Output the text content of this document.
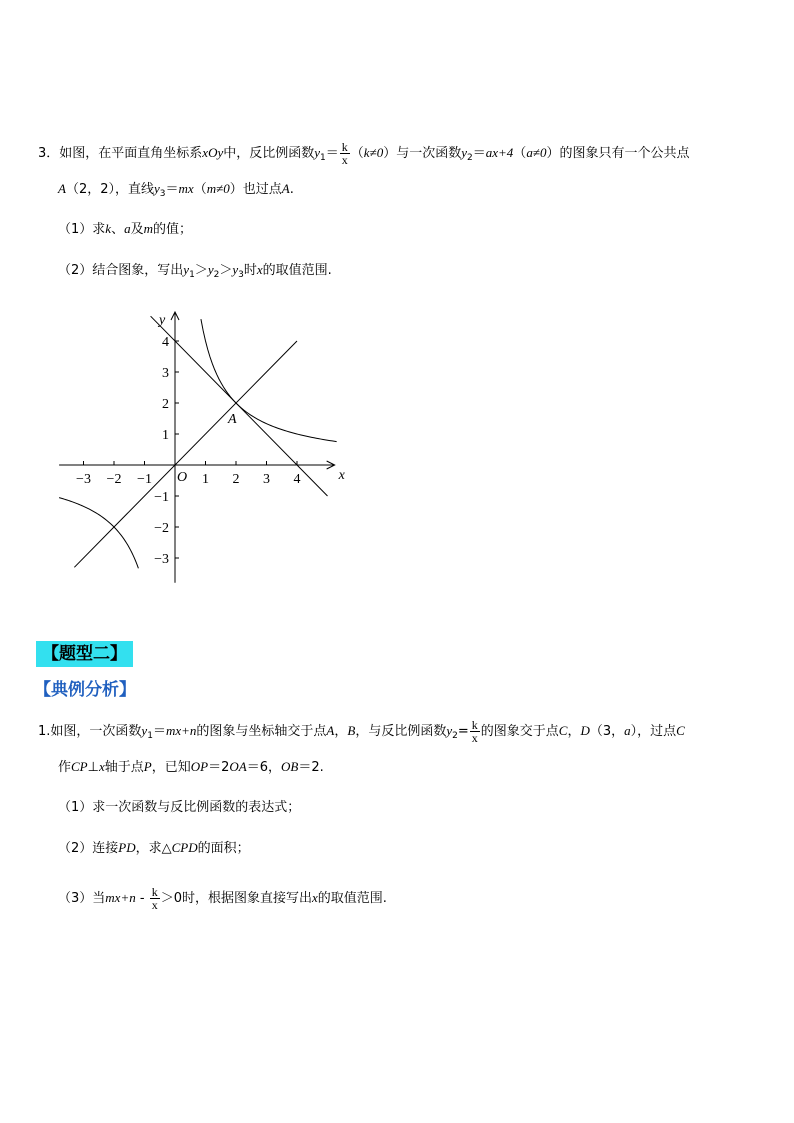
3．如图，在平面直角坐标系xOy中，反比例函数$y_1= \frac{k}{x} (k\ne 0)$与一次函数$y_2=ax+4(a\ne 0)$的图象只有一个公共点
A（2，2），直线$y_3=mx(m\ne 0)$也过点A.
（1）求k、a及m的值；
（2）结合图象，写出$y_1>y_2>y_3$时x的取值范围.
−3 −2 −1	1 2 3 4
4
3
2
1
−1
−2
−3
x
y
O
A
【题型二】
【典例分析】
1.如图，一次函数$y_1=mx+n$的图象与坐标轴交于点A，B，与反比例函数$y_2= \frac{k}{x}$ 的图象交于点C，D（3，a），过点C
作CP⊥x轴于点P，已知OP＝2OA＝6，OB＝2.
（1）求一次函数与反比例函数的表达式；
（2）连接PD，求△CPD的面积；
（3）当$mx+n - \frac{k}{x} >0$时，根据图象直接写出x的取值范围.
